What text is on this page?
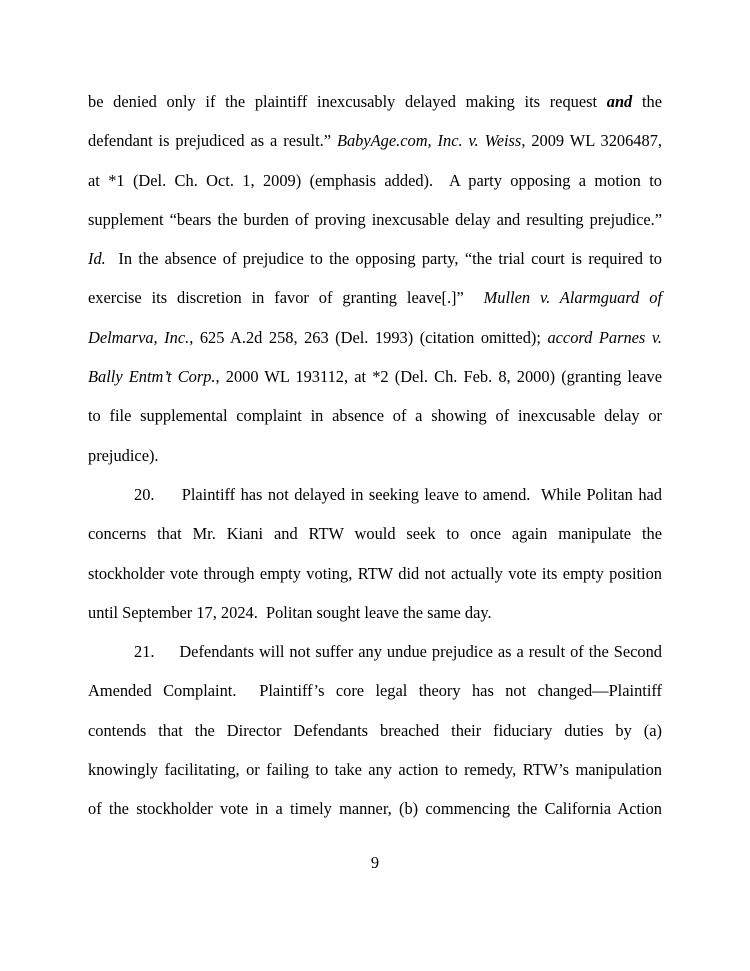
be denied only if the plaintiff inexcusably delayed making its request and the
defendant is prejudiced as a result.” BabyAge.com, Inc. v. Weiss, 2009 WL 3206487,
at *1 (Del. Ch. Oct. 1, 2009) (emphasis added).  A party opposing a motion to
supplement “bears the burden of proving inexcusable delay and resulting prejudice.”
Id.  In the absence of prejudice to the opposing party, “the trial court is required to
exercise its discretion in favor of granting leave[.]”  Mullen v. Alarmguard of
Delmarva, Inc., 625 A.2d 258, 263 (Del. 1993) (citation omitted); accord Parnes v.
Bally Entm’t Corp., 2000 WL 193112, at *2 (Del. Ch. Feb. 8, 2000) (granting leave
to file supplemental complaint in absence of a showing of inexcusable delay or
prejudice).
20.     Plaintiff has not delayed in seeking leave to amend.  While Politan had
concerns that Mr. Kiani and RTW would seek to once again manipulate the
stockholder vote through empty voting, RTW did not actually vote its empty position
until September 17, 2024.  Politan sought leave the same day.
21.     Defendants will not suffer any undue prejudice as a result of the Second
Amended Complaint.  Plaintiff’s core legal theory has not changed—Plaintiff
contends that the Director Defendants breached their fiduciary duties by (a)
knowingly facilitating, or failing to take any action to remedy, RTW’s manipulation
of the stockholder vote in a timely manner, (b) commencing the California Action
9
